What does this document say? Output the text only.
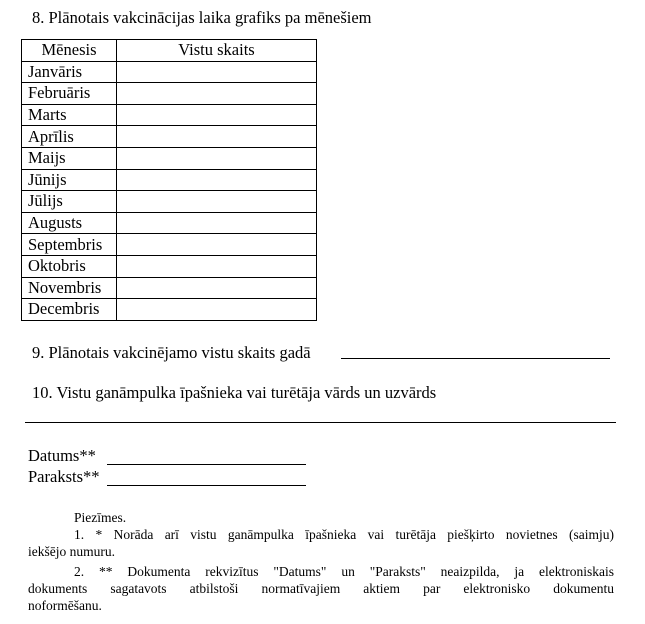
8. Plānotais vakcinācijas laika grafiks pa mēnešiem
Mēnesis	Vistu skaits
Janvāris	
Februāris	
Marts	
Aprīlis	
Maijs	
Jūnijs	
Jūlijs	
Augusts	
Septembris	
Oktobris	
Novembris	
Decembris	
9. Plānotais vakcinējamo vistu skaits gadā
10. Vistu ganāmpulka īpašnieka vai turētāja vārds un uzvārds
Datums**
Paraksts**
Piezīmes.
1. * Norāda arī vistu ganāmpulka īpašnieka vai turētāja piešķirto novietnes (saimju)
iekšējo numuru.
2. ** Dokumenta rekvizītus "Datums" un "Paraksts" neaizpilda, ja elektroniskais
dokuments sagatavots atbilstoši normatīvajiem aktiem par elektronisko dokumentu
noformēšanu.
